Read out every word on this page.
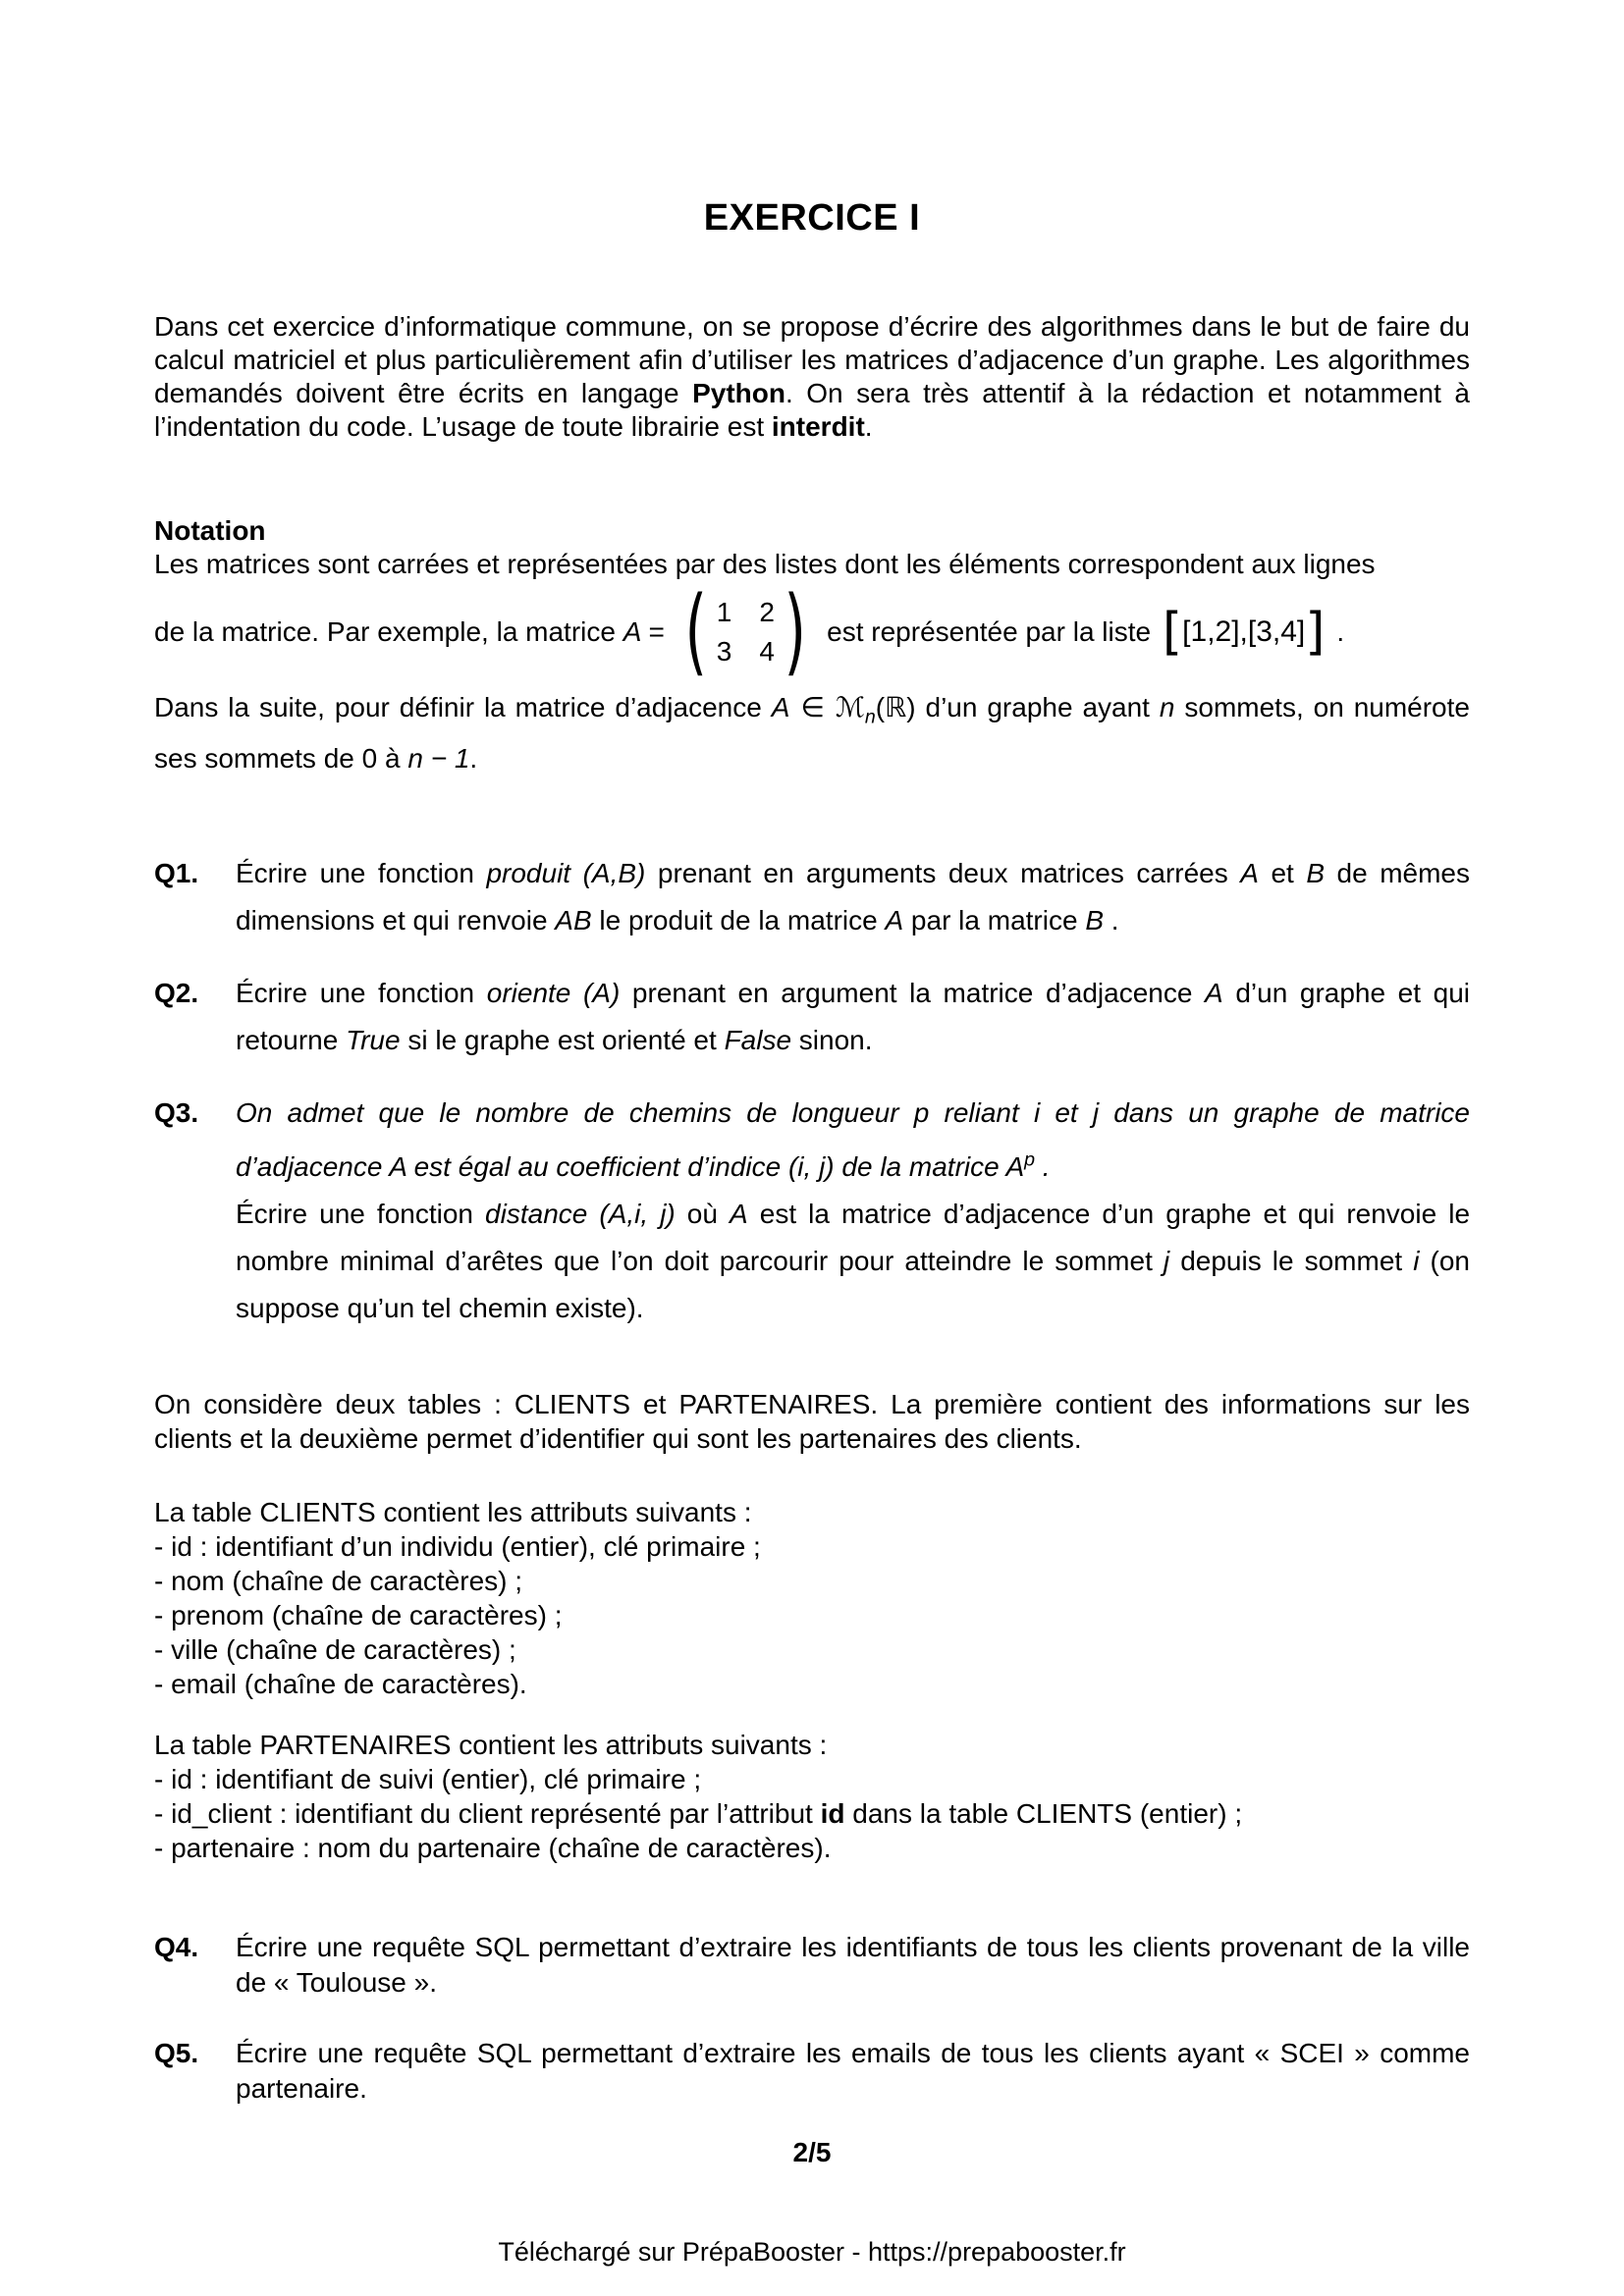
EXERCICE I
Dans cet exercice d’informatique commune, on se propose d’écrire des algorithmes dans le but de faire du calcul matriciel et plus particulièrement afin d’utiliser les matrices d’adjacence d’un graphe. Les algorithmes demandés doivent être écrits en langage Python. On sera très attentif à la rédaction et notamment à l’indentation du code. L’usage de toute librairie est interdit.
Notation
Les matrices sont carrées et représentées par des listes dont les éléments correspondent aux lignes
de la matrice. Par exemple, la matrice A = ( 1 2
3 4 ) est représentée par la liste [ [1,2] , [3,4] ] .
Dans la suite, pour définir la matrice d’adjacence A ∈ ℳ$_n$(ℝ) d’un graphe ayant n sommets, on numérote ses sommets de 0 à n − 1.
Q1.	Écrire une fonction produit (A,B) prenant en arguments deux matrices carrées A et B de mêmes dimensions et qui renvoie AB le produit de la matrice A par la matrice B .
Q2.	Écrire une fonction oriente (A) prenant en argument la matrice d’adjacence A d’un graphe et qui retourne True si le graphe est orienté et False sinon.
Q3.	On admet que le nombre de chemins de longueur p reliant i et j dans un graphe de matrice d’adjacence A est égal au coefficient d’indice (i, j) de la matrice $A^p$ .
Écrire une fonction distance (A,i, j) où A est la matrice d’adjacence d’un graphe et qui renvoie le nombre minimal d’arêtes que l’on doit parcourir pour atteindre le sommet j depuis le sommet i (on suppose qu’un tel chemin existe).
On considère deux tables : CLIENTS et PARTENAIRES. La première contient des informations sur les clients et la deuxième permet d’identifier qui sont les partenaires des clients.
La table CLIENTS contient les attributs suivants :
- id : identifiant d’un individu (entier), clé primaire ;
- nom (chaîne de caractères) ;
- prenom (chaîne de caractères) ;
- ville (chaîne de caractères) ;
- email (chaîne de caractères).
La table PARTENAIRES contient les attributs suivants :
- id : identifiant de suivi (entier), clé primaire ;
- id_client : identifiant du client représenté par l’attribut id dans la table CLIENTS (entier) ;
- partenaire : nom du partenaire (chaîne de caractères).
Q4.	Écrire une requête SQL permettant d’extraire les identifiants de tous les clients provenant de la ville de « Toulouse ».
Q5.	Écrire une requête SQL permettant d’extraire les emails de tous les clients ayant « SCEI » comme partenaire.
2/5
Téléchargé sur PrépaBooster - https://prepabooster.fr
